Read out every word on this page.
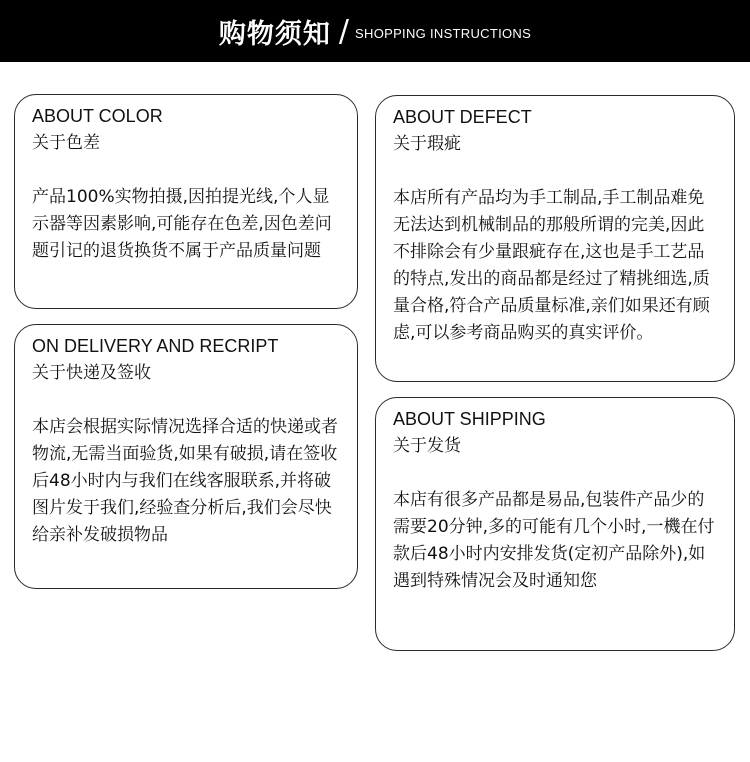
购物须知 / SHOPPING INSTRUCTIONS
ABOUT COLOR
关于色差
产品100%实物拍摄,因拍提光线,个人显示器等因素影响,可能存在色差,因色差问题引记的退货换货不属于产品质量问题
ABOUT DEFECT
关于瑕疵
本店所有产品均为手工制品,手工制品难免无法达到机械制品的那般所谓的完美,因此不排除会有少量跟疵存在,这也是手工艺品的特点,发出的商品都是经过了精挑细选,质量合格,符合产品质量标准,亲们如果还有顾虑,可以参考商品购买的真实评价。
ON DELIVERY AND RECRIPT
关于快递及签收
本店会根据实际情况选择合适的快递或者物流,无需当面验货,如果有破损,请在签收后48小时内与我们在线客服联系,并将破图片发于我们,经验查分析后,我们会尽快给亲补发破损物品
ABOUT SHIPPING
关于发货
本店有很多产品都是易品,包装件产品少的需要20分钟,多的可能有几个小时,一機在付款后48小时内安排发货(定初产品除外),如遇到特殊情况会及时通知您
